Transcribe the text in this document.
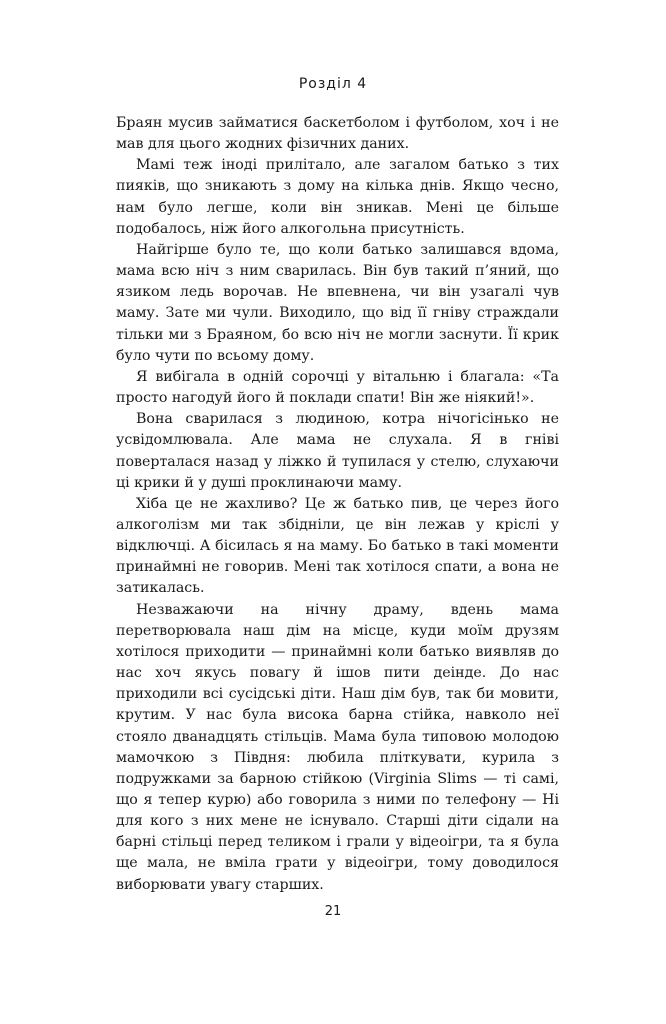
Розділ 4

Браян мусив займатися баскетболом і футболом, хоч і не мав для цього жодних фізичних даних.

Мамі теж іноді прилітало, але загалом батько з тих пияків, що зникають з дому на кілька днів. Якщо чесно, нам було легше, коли він зникав. Мені це більше подобалось, ніж його алкогольна присутність.

Найгірше було те, що коли батько залишався вдома, мама всю ніч з ним сварилась. Він був такий п’яний, що язиком ледь ворочав. Не впевнена, чи він узагалі чув маму. Зате ми чули. Виходило, що від її гніву страждали тільки ми з Браяном, бо всю ніч не могли заснути. Її крик було чути по всьому дому.

Я вибігала в одній сорочці у вітальню і благала: «Та просто нагодуй його й поклади спати! Він же ніякий!».

Вона сварилася з людиною, котра нічогісінько не усвідомлювала. Але мама не слухала. Я в гніві поверталася назад у ліжко й тупилася у стелю, слухаючи ці крики й у душі проклинаючи маму.

Хіба це не жахливо? Це ж батько пив, це через його алкоголізм ми так збідніли, це він лежав у кріслі у відключці. А бісилась я на маму. Бо батько в такі моменти принаймні не говорив. Мені так хотілося спати, а вона не затикалась.

Незважаючи на нічну драму, вдень мама перетворювала наш дім на місце, куди моїм друзям хотілося приходити — принаймні коли батько виявляв до нас хоч якусь повагу й ішов пити деінде. До нас приходили всі сусідські діти. Наш дім був, так би мовити, крутим. У нас була висока барна стійка, навколо неї стояло дванадцять стільців. Мама була типовою молодою мамочкою з Півдня: любила пліткувати, курила з подружками за барною стійкою (Virginia Slims — ті самі, що я тепер курю) або говорила з ними по телефону — Ні для кого з них мене не існувало. Старші діти сідали на барні стільці перед теликом і грали у відеоігри, та я була ще мала, не вміла грати у відеоігри, тому доводилося виборювати увагу старших.

21
